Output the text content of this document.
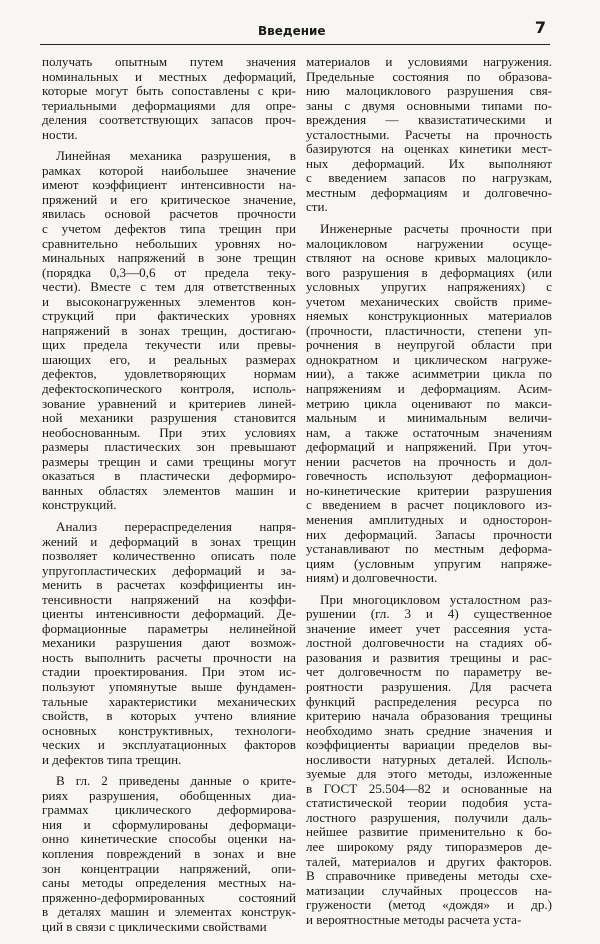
Введение	7

получать опытным путем значения
номинальных и местных деформаций,
которые могут быть сопоставлены с кри-
териальными деформациями для опре-
деления соответствующих запасов проч-
ности.

Линейная механика разрушения, в
рамках которой наибольшее значение
имеют коэффициент интенсивности на-
пряжений и его критическое значение,
явилась основой расчетов прочности
с учетом дефектов типа трещин при
сравнительно небольших уровнях но-
минальных напряжений в зоне трещин
(порядка 0,3—0,6 от предела теку-
чести). Вместе с тем для ответственных
и высоконагруженных элементов кон-
струкций при фактических уровнях
напряжений в зонах трещин, достигаю-
щих предела текучести или превы-
шающих его, и реальных размерах
дефектов, удовлетворяющих нормам
дефектоскопического контроля, исполь-
зование уравнений и критериев линей-
ной механики разрушения становится
необоснованным. При этих условиях
размеры пластических зон превышают
размеры трещин и сами трещины могут
оказаться в пластически деформиро-
ванных областях элементов машин и
конструкций.

Анализ перераспределения напря-
жений и деформаций в зонах трещин
позволяет количественно описать поле
упругопластических деформаций и за-
менить в расчетах коэффициенты ин-
тенсивности напряжений на коэффи-
циенты интенсивности деформаций. Де-
формационные параметры нелинейной
механики разрушения дают возмож-
ность выполнить расчеты прочности на
стадии проектирования. При этом ис-
пользуют упомянутые выше фундамен-
тальные характеристики механических
свойств, в которых учтено влияние
основных конструктивных, технологи-
ческих и эксплуатационных факторов
и дефектов типа трещин.

В гл. 2 приведены данные о крите-
риях разрушения, обобщенных диа-
граммах циклического деформирова-
ния и сформулированы деформаци-
онно кинетические способы оценки на-
копления повреждений в зонах и вне
зон концентрации напряжений, опи-
саны методы определения местных на-
пряженно-деформированных состояний
в деталях машин и элементах конструк-
ций в связи с циклическими свойствами

материалов и условиями нагружения.
Предельные состояния по образова-
нию малоциклового разрушения свя-
заны с двумя основными типами по-
вреждения — квазистатическими и
усталостными. Расчеты на прочность
базируются на оценках кинетики мест-
ных деформаций. Их выполняют
с введением запасов по нагрузкам,
местным деформациям и долговечно-
сти.

Инженерные расчеты прочности при
малоцикловом нагружении осуще-
ствляют на основе кривых малоцикло-
вого разрушения в деформациях (или
условных упругих напряжениях) с
учетом механических свойств приме-
няемых конструкционных материалов
(прочности, пластичности, степени уп-
рочнения в неупругой области при
однократном и циклическом нагруже-
нии), а также асимметрии цикла по
напряжениям и деформациям. Асим-
метрию цикла оценивают по макси-
мальным и минимальным величи-
нам, а также остаточным значениям
деформаций и напряжений. При уточ-
нении расчетов на прочность и дол-
говечность используют деформацион-
но-кинетические критерии разрушения
с введением в расчет поциклового из-
менения амплитудных и односторон-
них деформаций. Запасы прочности
устанавливают по местным деформа-
циям (условным упругим напряже-
ниям) и долговечности.

При многоцикловом усталостном раз-
рушении (гл. 3 и 4) существенное
значение имеет учет рассеяния уста-
лостной долговечности на стадиях об-
разования и развития трещины и рас-
чет долговечностм по параметру ве-
роятности разрушения. Для расчета
функций распределения ресурса по
критерию начала образования трещины
необходимо знать средние значения и
коэффициенты вариации пределов вы-
носливости натурных деталей. Исполь-
зуемые для этого методы, изложенные
в ГОСТ 25.504—82 и основанные на
статистической теории подобия уста-
лостного разрушения, получили даль-
нейшее развитие применительно к бо-
лее широкому ряду типоразмеров де-
талей, материалов и других факторов.
В справочнике приведены методы схе-
матизации случайных процессов на-
гружености (метод «дождя» и др.)
и вероятностные методы расчета уста-
